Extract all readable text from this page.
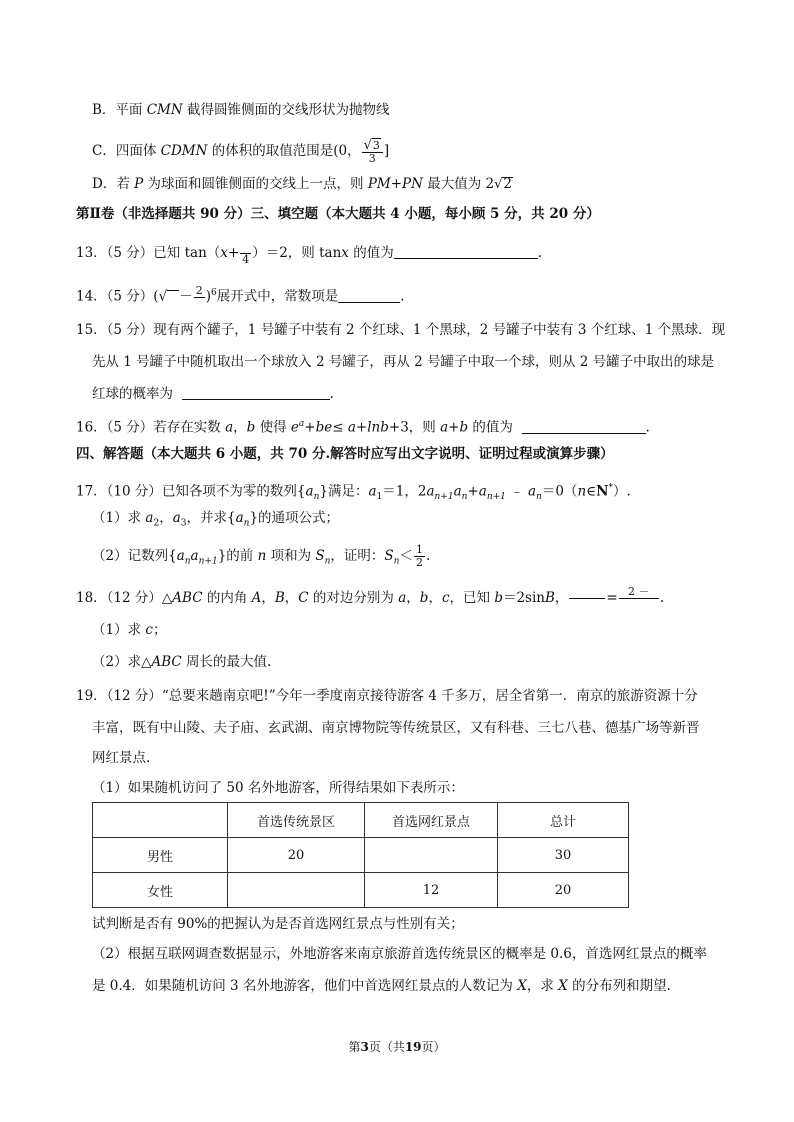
B．平面 CMN 截得圆锥侧面的交线形状为抛物线
C．四面体 CDMN 的体积的取值范围是(0， $\frac{√3}{3}$ ]
D．若 P 为球面和圆锥侧面的交线上一点，则 PM+PN 最大值为 2√2
第Ⅱ卷（非选择题共 90 分）三、填空题（本大题共 4 小题，每小顾 5 分，共 20 分）
13．（5 分）已知 tan（x+
4 ）＝2，则 tanx 的值为	.
14．（5 分）(√ － 2
)$^6$展开式中，常数项是	.
15．（5 分）现有两个罐子，1 号罐子中装有 2 个红球、1 个黑球，2 号罐子中装有 3 个红球、1 个黑球．现
先从 1 号罐子中随机取出一个球放入 2 号罐子，再从 2 号罐子中取一个球，则从 2 号罐子中取出的球是
红球的概率为	.
16．（5 分）若存在实数 a，b 使得 $e^a+be\le a+\ln b+3$，则 a+b 的值为	.
四、解答题（本大题共 6 小题，共 70 分.解答时应写出文字说明、证明过程或演算步骤）
17．（10 分）已知各项不为零的数列$\{a_n\}$满足：$a_1=1$，$2a_{n+1}a_n+a_{n+1}$ ﹣ $a_n=0(n\in N^*)$.
（1）求 $a_2$，$a_3$，并求$\{a_n\}$的通项公式；
（2）记数列$\{a_na_{n+1}\}$的前 n 项和为 $S_n$，证明：$S_n< \frac{1}{2}$ .
18．（12 分）△ABC 的内角 A，B，C 的对边分别为 a，b，c，已知 b＝2sinB，

	= 2 －
.
（1）求 c；
（2）求△ABC 周长的最大值.
19．（12 分）“总要来趟南京吧!”今年一季度南京接待游客 4 千多万，居全省第一．南京的旅游资源十分
丰富，既有中山陵、夫子庙、玄武湖、南京博物院等传统景区，又有科巷、三七八巷、德基广场等新晋
网红景点.
（1）如果随机访问了 50 名外地游客，所得结果如下表所示：
	首选传统景区	首选网红景点	总计
男性	20		30
女性		12	20
试判断是否有 90%的把握认为是否首选网红景点与性别有关；
（2）根据互联网调查数据显示，外地游客来南京旅游首选传统景区的概率是 0.6，首选网红景点的概率
是 0.4．如果随机访问 3 名外地游客，他们中首选网红景点的人数记为 X，求 X 的分布列和期望.
第3页（共19页）
